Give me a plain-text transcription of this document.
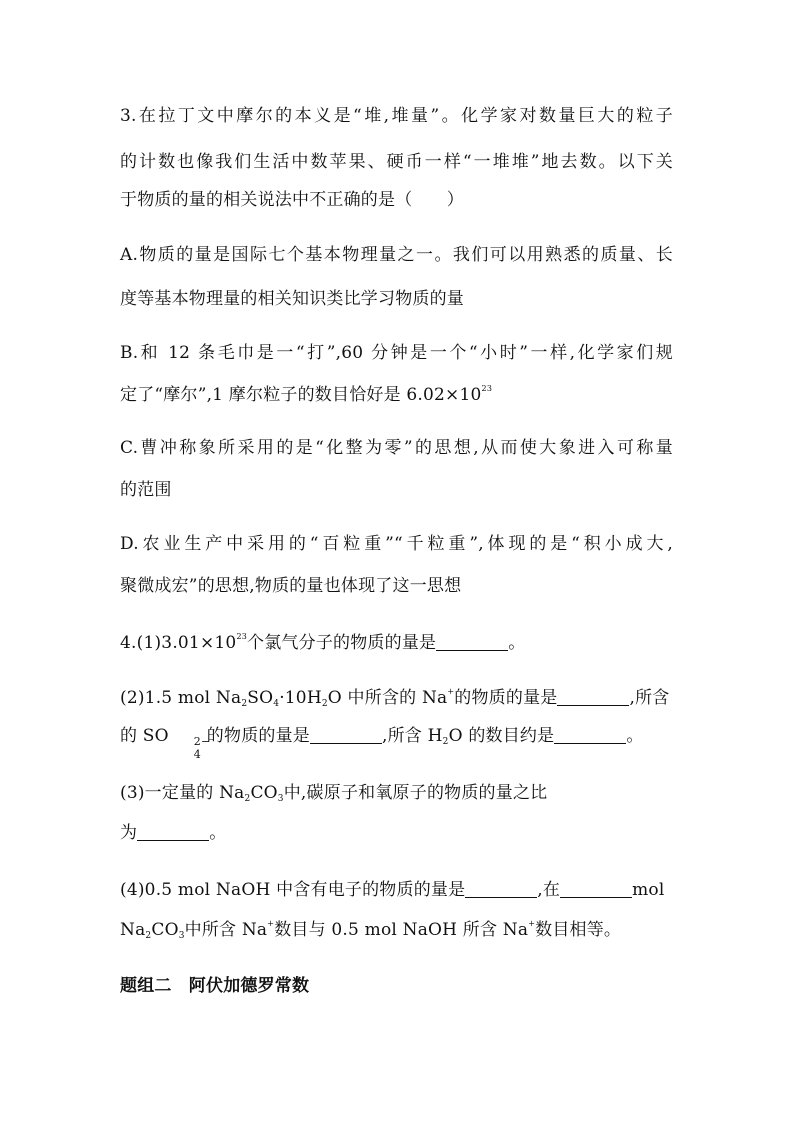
3.在拉丁文中摩尔的本义是“堆,堆量”。化学家对数量巨大的粒子
的计数也像我们生活中数苹果、硬币一样“一堆堆”地去数。以下关
于物质的量的相关说法中不正确的是（　　）
A.物质的量是国际七个基本物理量之一。我们可以用熟悉的质量、长
度等基本物理量的相关知识类比学习物质的量
B.和 12 条毛巾是一“打”,60 分钟是一个“小时”一样,化学家们规
定了“摩尔”,1 摩尔粒子的数目恰好是 $6.02\times 10^{23}$
C.曹冲称象所采用的是“化整为零”的思想,从而使大象进入可称量
的范围
D.农业生产中采用的“百粒重”“千粒重”,体现的是“积小成大,
聚微成宏”的思想,物质的量也体现了这一思想
$4.(1)3.01\times 10^{23}$个氯气分子的物质的量是	。
(2)1.5 mol $Na_2SO_4\cdot 10H_2O$ 中所含的 Na+的物质的量是	,所含
的 SO 2−
4
的物质的量是	,所含 $H_2O$ 的数目约是	。
(3)一定量的 $Na_2CO_3$中,碳原子和氧原子的物质的量之比
为	。
(4)0.5 mol NaOH 中含有电子的物质的量是	,在	mol
$Na_2CO_3$中所含 Na+数目与 0.5 mol NaOH 所含 Na+数目相等。
题组二　阿伏加德罗常数
